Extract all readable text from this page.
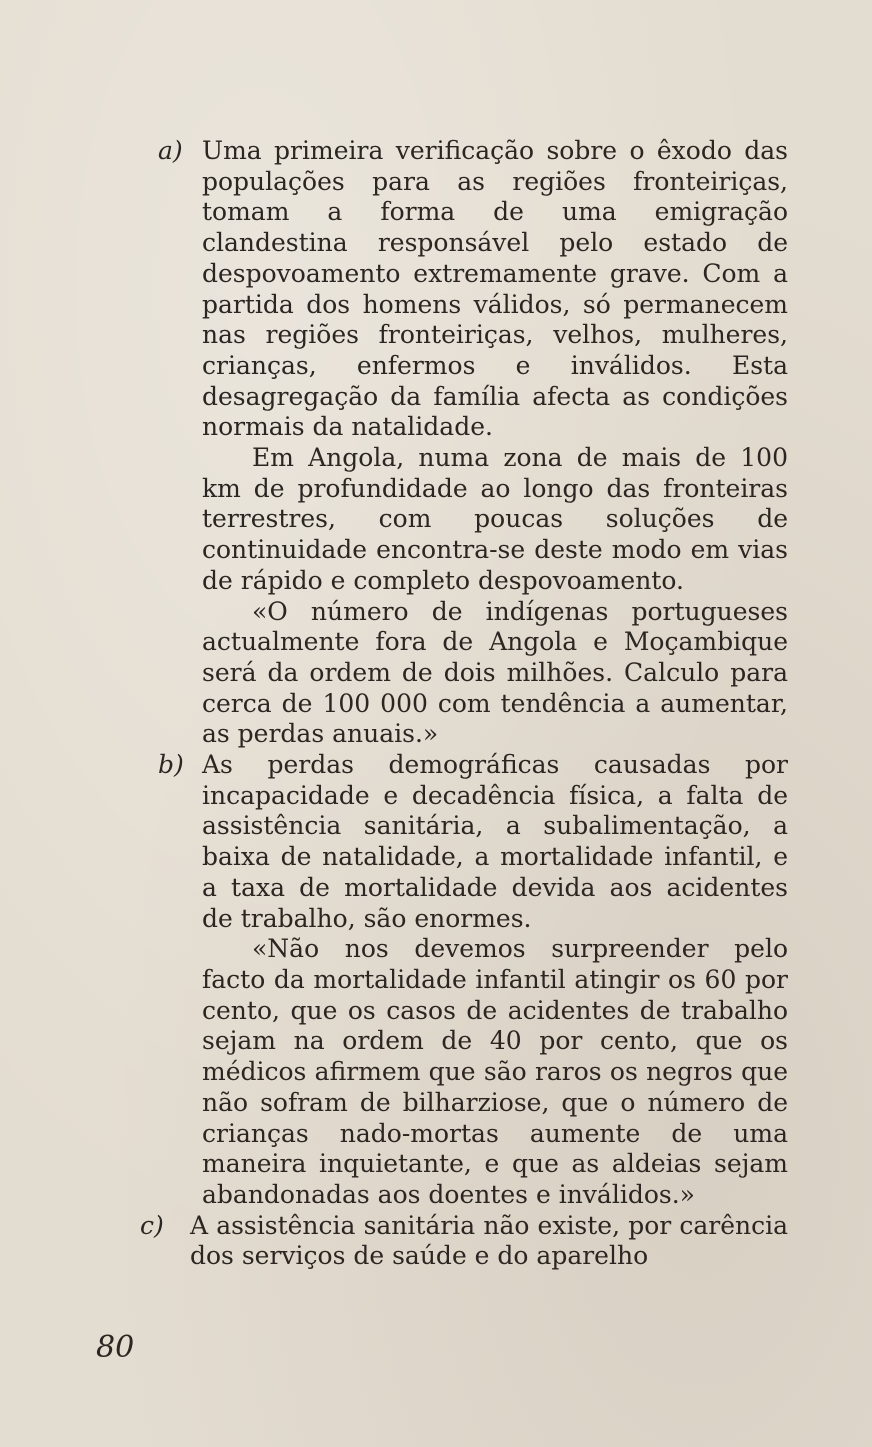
a) Uma primeira verificação sobre o êxodo das populações para as regiões fronteiriças, tomam a forma de uma emigração clandestina responsável pelo estado de despovoamento extremamente grave. Com a partida dos homens válidos, só permanecem nas regiões fronteiriças, velhos, mulheres, crianças, enfermos e inválidos. Esta desagregação da família afecta as condições normais da natalidade.

Em Angola, numa zona de mais de 100 km de profundidade ao longo das fronteiras terrestres, com poucas soluções de continuidade encontra-se deste modo em vias de rápido e completo despovoamento.

«O número de indígenas portugueses actualmente fora de Angola e Moçambique será da ordem de dois milhões. Calculo para cerca de 100 000 com tendência a aumentar, as perdas anuais.»

b) As perdas demográficas causadas por incapacidade e decadência física, a falta de assistência sanitária, a subalimentação, a baixa de natalidade, a mortalidade infantil, e a taxa de mortalidade devida aos acidentes de trabalho, são enormes.

«Não nos devemos surpreender pelo facto da mortalidade infantil atingir os 60 por cento, que os casos de acidentes de trabalho sejam na ordem de 40 por cento, que os médicos afirmem que são raros os negros que não sofram de bilharziose, que o número de crianças nado-mortas aumente de uma maneira inquietante, e que as aldeias sejam abandonadas aos doentes e inválidos.»

c) A assistência sanitária não existe, por carência dos serviços de saúde e do aparelho

80
